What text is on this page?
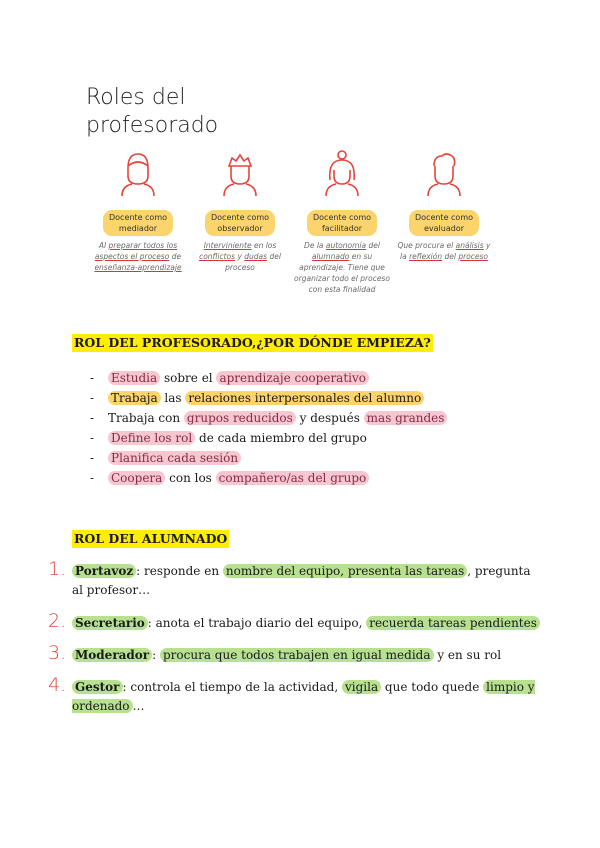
Roles del
profesorado
Docente como
mediador
Al preparar todos los aspectos el proceso de enseñanza-aprendizaje
Docente como
observador
Interviniente en los conflictos y dudas del proceso
Docente como
facilitador
De la autonomía del alumnado en su aprendizaje. Tiene que organizar todo el proceso con esta finalidad
Docente como
evaluador
Que procura el análisis y la reflexión del proceso
ROL DEL PROFESORADO,¿POR DÓNDE EMPIEZA?
- Estudia sobre el aprendizaje cooperativo
- Trabaja las relaciones interpersonales del alumno
- Trabaja con grupos reducidos y después mas grandes
- Define los rol de cada miembro del grupo
- Planifica cada sesión
- Coopera con los compañero/as del grupo
ROL DEL ALUMNADO
1. Portavoz : responde en nombre del equipo, presenta las tareas , pregunta al profesor…
2. Secretario : anota el trabajo diario del equipo, recuerda tareas pendientes
3. Moderador : procura que todos trabajen en igual medida y en su rol
4. Gestor : controla el tiempo de la actividad, vigila que todo quede limpio y ordenado …
